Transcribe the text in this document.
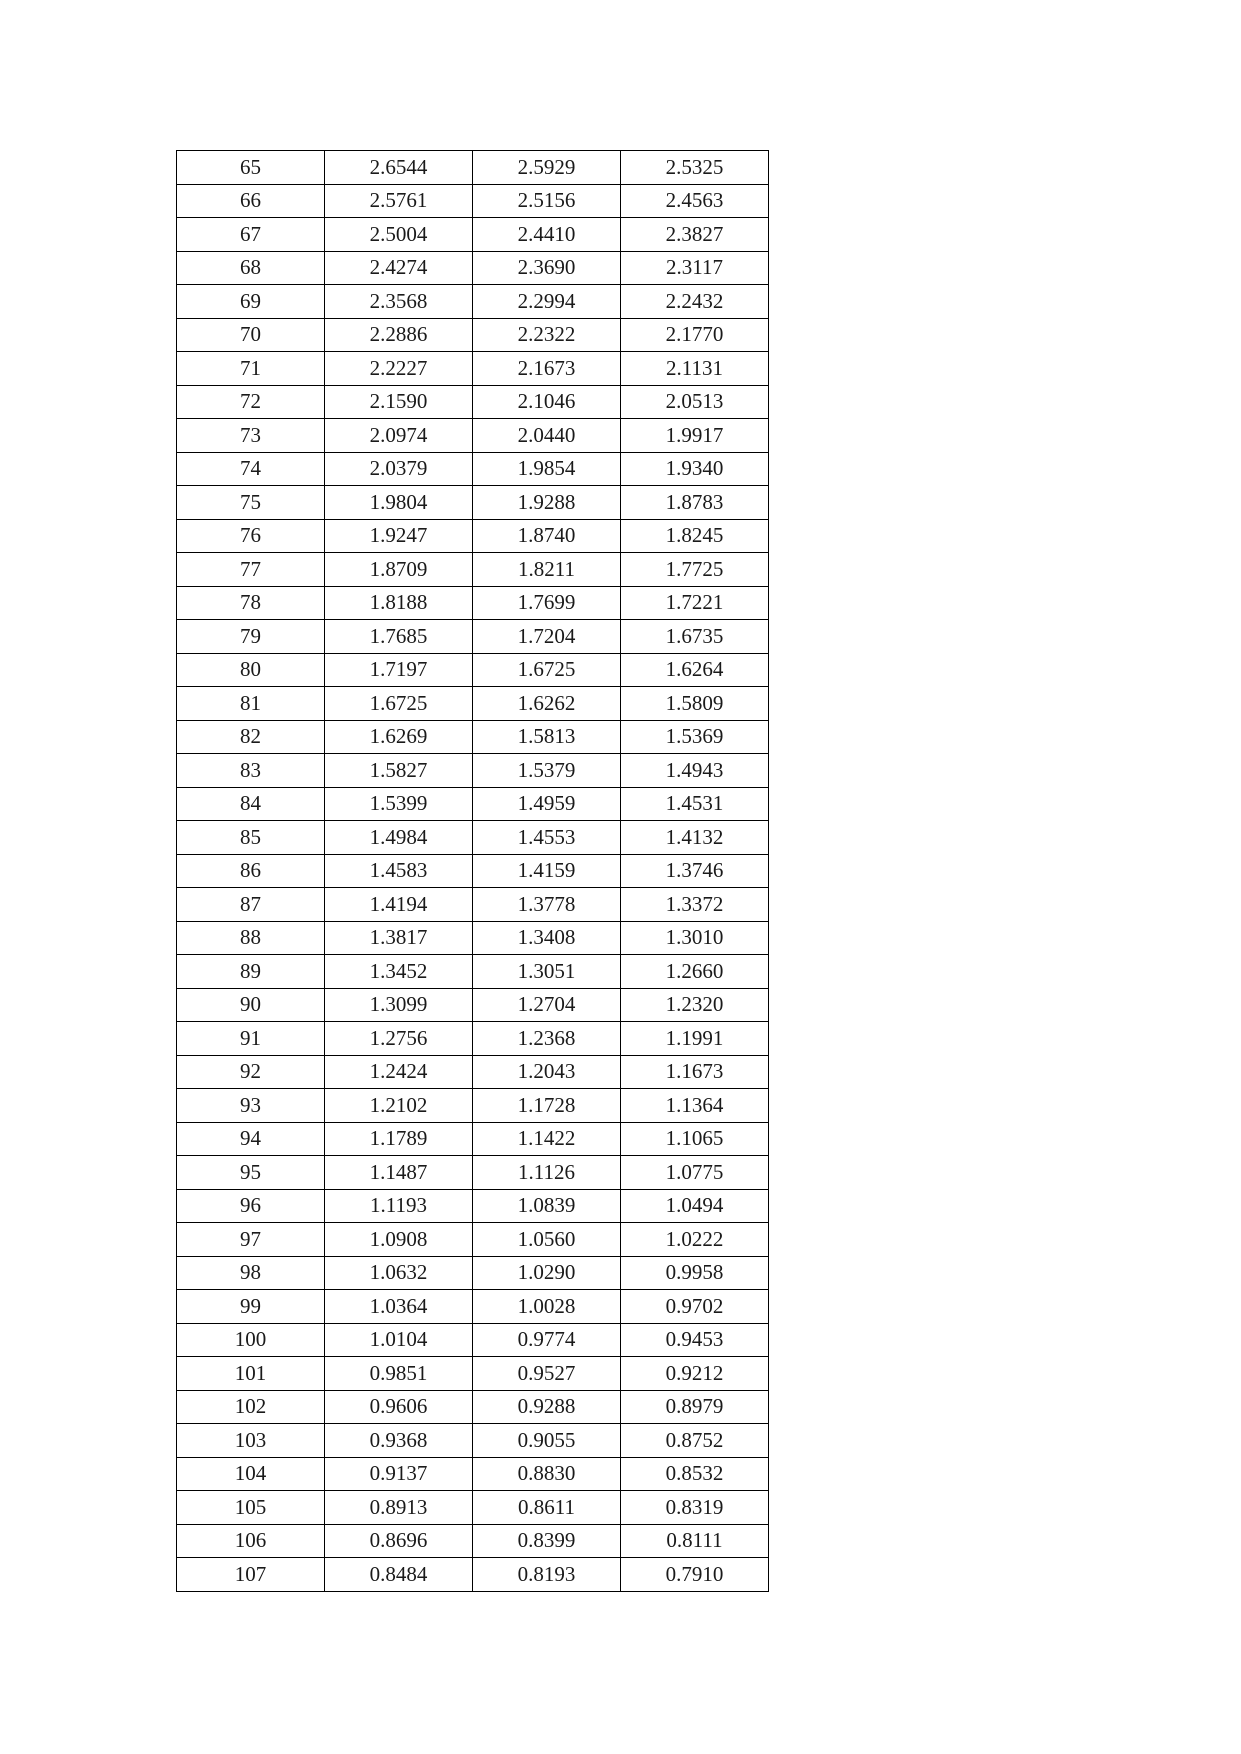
65	2.6544	2.5929	2.5325
66	2.5761	2.5156	2.4563
67	2.5004	2.4410	2.3827
68	2.4274	2.3690	2.3117
69	2.3568	2.2994	2.2432
70	2.2886	2.2322	2.1770
71	2.2227	2.1673	2.1131
72	2.1590	2.1046	2.0513
73	2.0974	2.0440	1.9917
74	2.0379	1.9854	1.9340
75	1.9804	1.9288	1.8783
76	1.9247	1.8740	1.8245
77	1.8709	1.8211	1.7725
78	1.8188	1.7699	1.7221
79	1.7685	1.7204	1.6735
80	1.7197	1.6725	1.6264
81	1.6725	1.6262	1.5809
82	1.6269	1.5813	1.5369
83	1.5827	1.5379	1.4943
84	1.5399	1.4959	1.4531
85	1.4984	1.4553	1.4132
86	1.4583	1.4159	1.3746
87	1.4194	1.3778	1.3372
88	1.3817	1.3408	1.3010
89	1.3452	1.3051	1.2660
90	1.3099	1.2704	1.2320
91	1.2756	1.2368	1.1991
92	1.2424	1.2043	1.1673
93	1.2102	1.1728	1.1364
94	1.1789	1.1422	1.1065
95	1.1487	1.1126	1.0775
96	1.1193	1.0839	1.0494
97	1.0908	1.0560	1.0222
98	1.0632	1.0290	0.9958
99	1.0364	1.0028	0.9702
100	1.0104	0.9774	0.9453
101	0.9851	0.9527	0.9212
102	0.9606	0.9288	0.8979
103	0.9368	0.9055	0.8752
104	0.9137	0.8830	0.8532
105	0.8913	0.8611	0.8319
106	0.8696	0.8399	0.8111
107	0.8484	0.8193	0.7910
